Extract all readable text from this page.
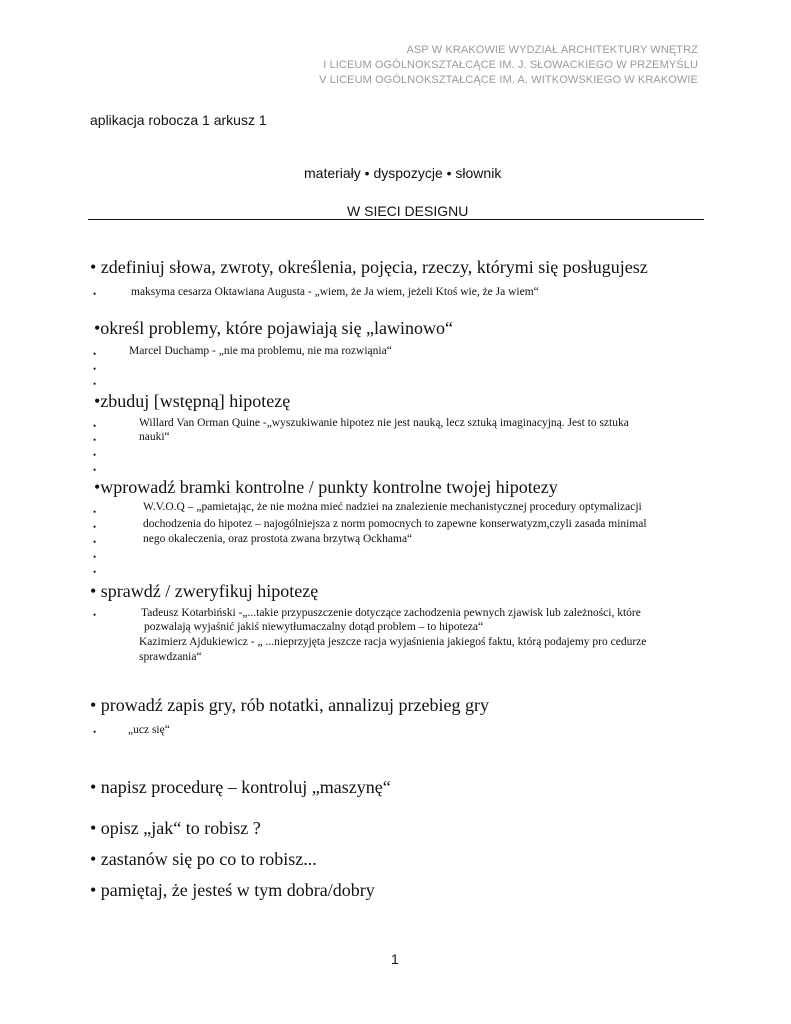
ASP W KRAKOWIE WYDZIAŁ ARCHITEKTURY WNĘTRZ
I LICEUM OGÓLNOKSZTAŁCĄCE IM. J. SŁOWACKIEGO W PRZEMYŚLU
V LICEUM OGÓLNOKSZTAŁCĄCE IM. A. WITKOWSKIEGO W KRAKOWIE
aplikacja robocza 1 arkusz 1
materiały • dyspozycje • słownik
W SIECI DESIGNU
• zdefiniuj słowa, zwroty, określenia, pojęcia, rzeczy, którymi się posługujesz
•	maksyma cesarza Oktawiana Augusta - „wiem, że Ja wiem, jeżeli Ktoś wie, że Ja wiem“
•określ problemy, które pojawiają się „lawinowo“
•	Marcel Duchamp - „nie ma problemu, nie ma rozwiąnia“
•
•
•zbuduj [wstępną] hipotezę
•	Willard Van Orman Quine -„wyszukiwanie hipotez nie jest nauką, lecz sztuką imaginacyjną. Jest to sztuka
•	nauki“
•
•
•wprowadź bramki kontrolne / punkty kontrolne twojej hipotezy
•	W.V.O.Q – „pamietając, że nie można mieć nadziei na znalezienie mechanistycznej procedury optymalizacji
•	dochodzenia do hipotez – najogólniejsza z norm pomocnych to zapewne konserwatyzm,czyli zasada minimal
•	nego okaleczenia, oraz prostota zwana brzytwą Ockhama“
•
•
• sprawdź / zweryfikuj hipotezę
•	Tadeusz Kotarbiński -„...takie przypuszczenie dotyczące zachodzenia pewnych zjawisk lub zależności, które
pozwalają wyjaśnić jakiś niewytłumaczalny dotąd problem – to hipoteza“
Kazimierz Ajdukiewicz - „ ...nieprzyjęta jeszcze racja wyjaśnienia jakiegoś faktu, którą podajemy pro cedurze
sprawdzania“
• prowadź zapis gry, rób notatki, annalizuj przebieg gry
•	„ucz się“
• napisz procedurę – kontroluj „maszynę“
• opisz „jak“ to robisz ?
• zastanów się po co to robisz...
• pamiętaj, że jesteś w tym dobra/dobry
1
